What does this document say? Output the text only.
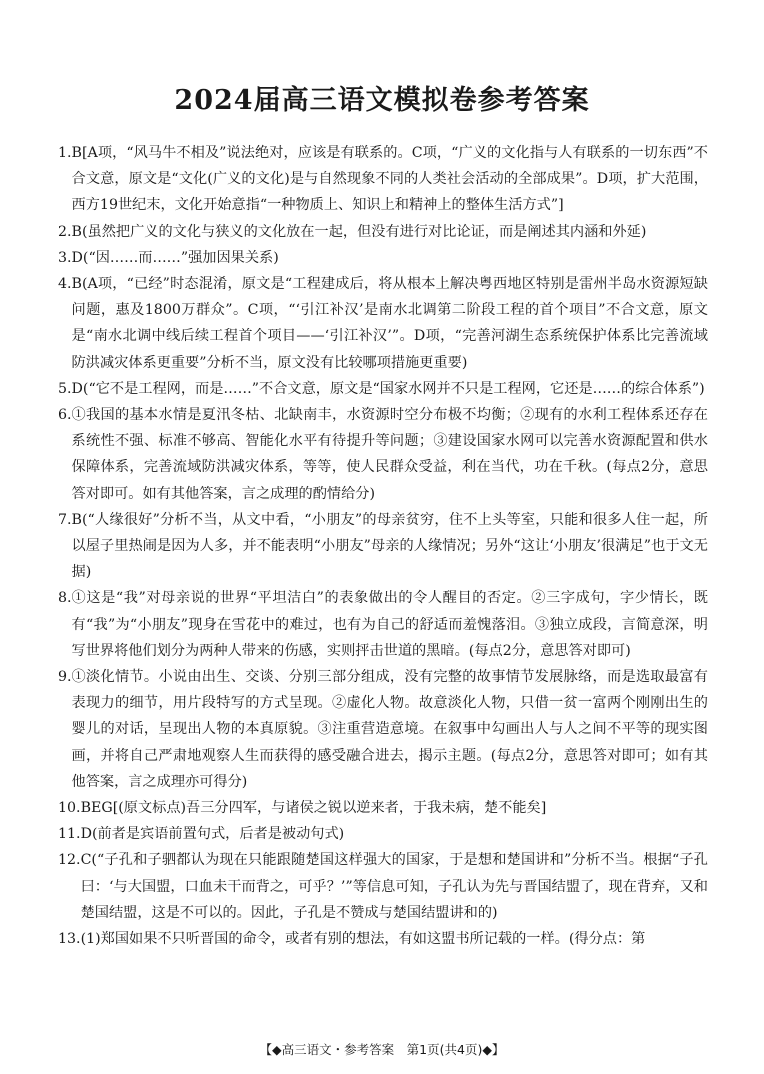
2024届高三语文模拟卷参考答案
1. B[A项，“风马牛不相及”说法绝对，应该是有联系的。C项，“广义的文化指与人有联系的一切东西”不合文意，原文是“文化(广义的文化)是与自然现象不同的人类社会活动的全部成果”。D项，扩大范围，西方19世纪末，文化开始意指“一种物质上、知识上和精神上的整体生活方式”]
2. B(虽然把广义的文化与狭义的文化放在一起，但没有进行对比论证，而是阐述其内涵和外延)
3. D(“因……而……”强加因果关系)
4. B(A项，“已经”时态混淆，原文是“工程建成后，将从根本上解决粤西地区特别是雷州半岛水资源短缺问题，惠及1800万群众”。C项，“‘引江补汉’是南水北调第二阶段工程的首个项目”不合文意，原文是“南水北调中线后续工程首个项目——‘引江补汉’”。D项，“完善河湖生态系统保护体系比完善流域防洪减灾体系更重要”分析不当，原文没有比较哪项措施更重要)
5. D(“它不是工程网，而是……”不合文意，原文是“国家水网并不只是工程网，它还是……的综合体系”)
6. ①我国的基本水情是夏汛冬枯、北缺南丰，水资源时空分布极不均衡；②现有的水利工程体系还存在系统性不强、标准不够高、智能化水平有待提升等问题；③建设国家水网可以完善水资源配置和供水保障体系，完善流域防洪减灾体系，等等，使人民群众受益，利在当代，功在千秋。(每点2分，意思答对即可。如有其他答案，言之成理的酌情给分)
7. B(“人缘很好”分析不当，从文中看，“小朋友”的母亲贫穷，住不上头等室，只能和很多人住一起，所以屋子里热闹是因为人多，并不能表明“小朋友”母亲的人缘情况；另外“这让‘小朋友’很满足”也于文无据)
8. ①这是“我”对母亲说的世界“平坦洁白”的表象做出的令人醒目的否定。②三字成句，字少情长，既有“我”为“小朋友”现身在雪花中的难过，也有为自己的舒适而羞愧落泪。③独立成段，言简意深，明写世界将他们划分为两种人带来的伤感，实则抨击世道的黑暗。(每点2分，意思答对即可)
9. ①淡化情节。小说由出生、交谈、分别三部分组成，没有完整的故事情节发展脉络，而是选取最富有表现力的细节，用片段特写的方式呈现。②虚化人物。故意淡化人物，只借一贫一富两个刚刚出生的婴儿的对话，呈现出人物的本真原貌。③注重营造意境。在叙事中勾画出人与人之间不平等的现实图画，并将自己严肃地观察人生而获得的感受融合进去，揭示主题。(每点2分，意思答对即可；如有其他答案，言之成理亦可得分)
10. BEG[(原文标点)吾三分四军，与诸侯之锐以逆来者，于我未病，楚不能矣]
11. D(前者是宾语前置句式，后者是被动句式)
12. C(“子孔和子驷都认为现在只能跟随楚国这样强大的国家，于是想和楚国讲和”分析不当。根据“子孔曰：‘与大国盟，口血未干而背之，可乎？’”等信息可知，子孔认为先与晋国结盟了，现在背弃，又和楚国结盟，这是不可以的。因此，子孔是不赞成与楚国结盟讲和的)
13. (1)郑国如果不只听晋国的命令，或者有别的想法，有如这盟书所记载的一样。(得分点：第
【◆高三语文・参考答案　第1页(共4页)◆】
